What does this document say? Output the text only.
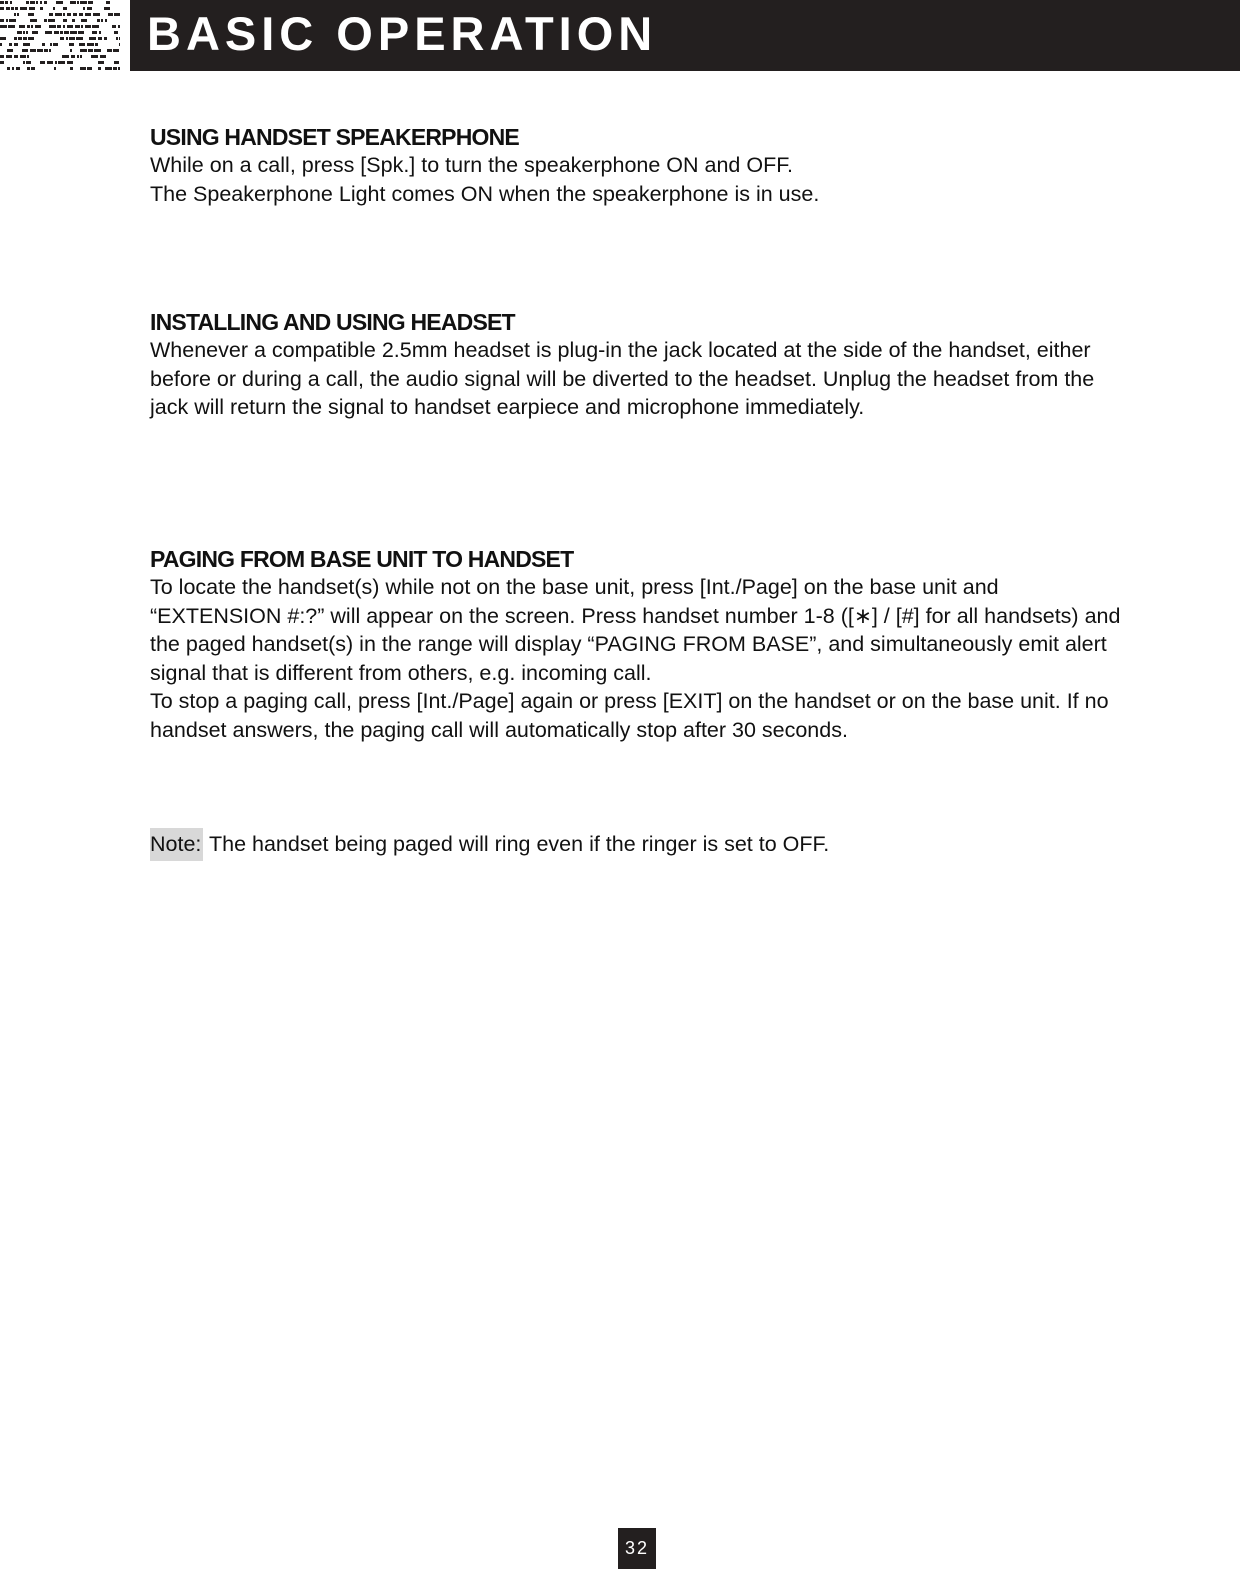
BASIC OPERATION
USING HANDSET SPEAKERPHONE

While on a call, press [Spk.] to turn the speakerphone ON and OFF.

The Speakerphone Light comes ON when the speakerphone is in use.

INSTALLING AND USING HEADSET

Whenever a compatible 2.5mm headset is plug-in the jack located at the side of the handset, either before or during a call, the audio signal will be diverted to the headset. Unplug the headset from the jack will return the signal to handset earpiece and microphone immediately.

PAGING FROM BASE UNIT TO HANDSET

To locate the handset(s) while not on the base unit, press [Int./Page] on the base unit and “EXTENSION #:?” will appear on the screen. Press handset number 1-8 ([∗] / [#] for all handsets) and the paged handset(s) in the range will display “PAGING FROM BASE”, and simultaneously emit alert signal that is different from others, e.g. incoming call.

To stop a paging call, press [Int./Page] again or press [EXIT] on the handset or on the base unit. If no handset answers, the paging call will automatically stop after 30 seconds.

Note: The handset being paged will ring even if the ringer is set to OFF.
32
